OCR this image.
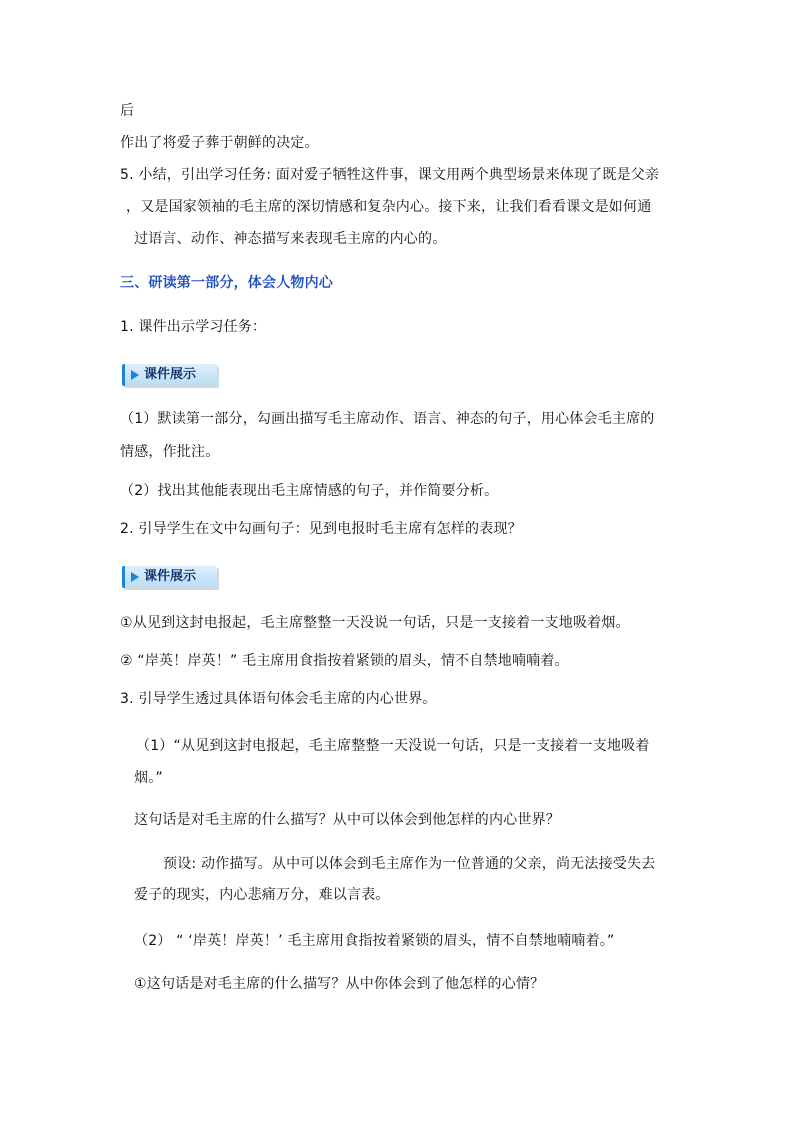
后
作出了将爱子葬于朝鲜的决定。
5. 小结，引出学习任务: 面对爱子牺牲这件事，课文用两个典型场景来体现了既是父亲
，又是国家领袖的毛主席的深切情感和复杂内心。接下来，让我们看看课文是如何通
过语言、动作、神态描写来表现毛主席的内心的。
三、研读第一部分，体会人物内心
1. 课件出示学习任务：
课件展示
（1）默读第一部分，勾画出描写毛主席动作、语言、神态的句子，用心体会毛主席的
情感，作批注。
（2）找出其他能表现出毛主席情感的句子，并作简要分析。
2. 引导学生在文中勾画句子：见到电报时毛主席有怎样的表现？
课件展示
①从见到这封电报起，毛主席整整一天没说一句话，只是一支接着一支地吸着烟。
② “岸英！岸英！” 毛主席用食指按着紧锁的眉头，情不自禁地喃喃着。
3. 引导学生透过具体语句体会毛主席的内心世界。
（1）“从见到这封电报起，毛主席整整一天没说一句话，只是一支接着一支地吸着
烟。”
这句话是对毛主席的什么描写？从中可以体会到他怎样的内心世界？
预设: 动作描写。从中可以体会到毛主席作为一位普通的父亲，尚无法接受失去
爱子的现实，内心悲痛万分，难以言表。
（2） “ ‘岸英！岸英！’ 毛主席用食指按着紧锁的眉头，情不自禁地喃喃着。”
①这句话是对毛主席的什么描写？从中你体会到了他怎样的心情？
